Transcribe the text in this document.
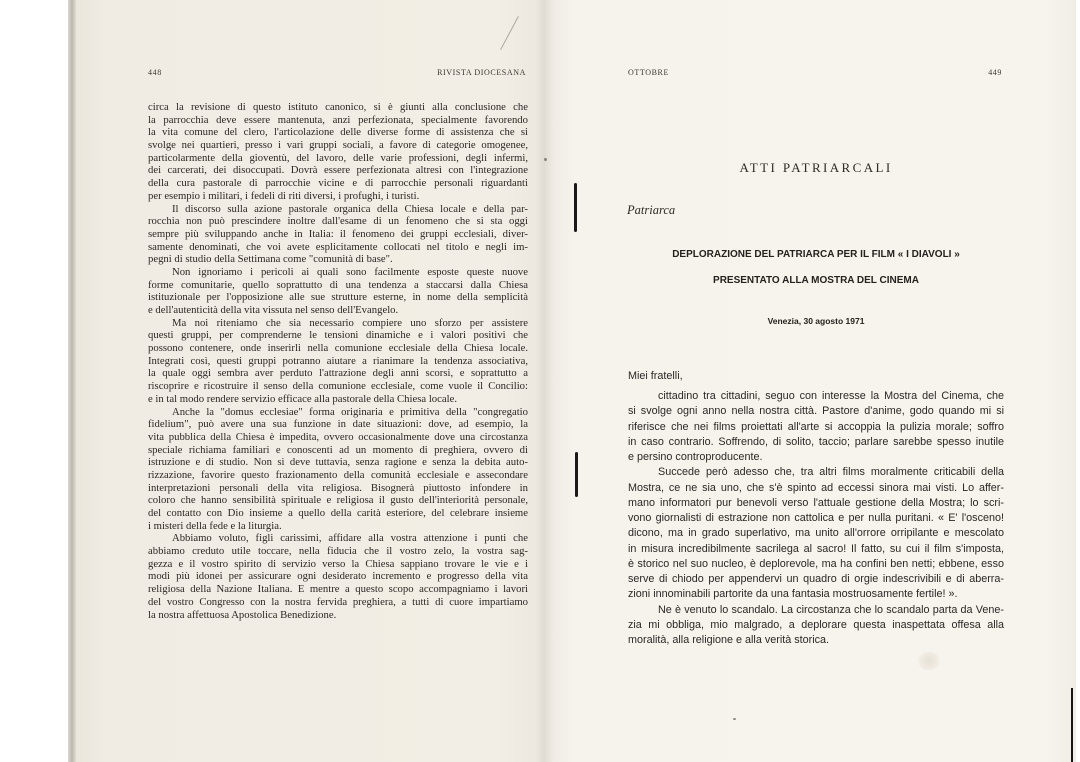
448	RIVISTA DIOCESANA
circa la revisione di questo istituto canonico, si è giunti alla conclusione che
la parrocchia deve essere mantenuta, anzi perfezionata, specialmente favorendo
la vita comune del clero, l'articolazione delle diverse forme di assistenza che si
svolge nei quartieri, presso i vari gruppi sociali, a favore di categorie omogenee,
particolarmente della gioventù, del lavoro, delle varie professioni, degli infermi,
dei carcerati, dei disoccupati. Dovrà essere perfezionata altresì con l'integrazione
della cura pastorale di parrocchie vicine e di parrocchie personali riguardanti
per esempio i militari, i fedeli di riti diversi, i profughi, i turisti.
Il discorso sulla azione pastorale organica della Chiesa locale e della par-
rocchia non può prescindere inoltre dall'esame di un fenomeno che si sta oggi
sempre più sviluppando anche in Italia: il fenomeno dei gruppi ecclesiali, diver-
samente denominati, che voi avete esplicitamente collocati nel titolo e negli im-
pegni di studio della Settimana come "comunità di base".
Non ignoriamo i pericoli ai quali sono facilmente esposte queste nuove
forme comunitarie, quello soprattutto di una tendenza a staccarsi dalla Chiesa
istituzionale per l'opposizione alle sue strutture esterne, in nome della semplicità
e dell'autenticità della vita vissuta nel senso dell'Evangelo.
Ma noi riteniamo che sia necessario compiere uno sforzo per assistere
questi gruppi, per comprenderne le tensioni dinamiche e i valori positivi che
possono contenere, onde inserirli nella comunione ecclesiale della Chiesa locale.
Integrati così, questi gruppi potranno aiutare a rianimare la tendenza associativa,
la quale oggi sembra aver perduto l'attrazione degli anni scorsi, e soprattutto a
riscoprire e ricostruire il senso della comunione ecclesiale, come vuole il Concilio:
e in tal modo rendere servizio efficace alla pastorale della Chiesa locale.
Anche la "domus ecclesiae" forma originaria e primitiva della "congregatio
fidelium", può avere una sua funzione in date situazioni: dove, ad esempio, la
vita pubblica della Chiesa è impedita, ovvero occasionalmente dove una circostanza
speciale richiama familiari e conoscenti ad un momento di preghiera, ovvero di
istruzione e di studio. Non si deve tuttavia, senza ragione e senza la debita auto-
rizzazione, favorire questo frazionamento della comunità ecclesiale e assecondare
interpretazioni personali della vita religiosa. Bisognerà piuttosto infondere in
coloro che hanno sensibilità spirituale e religiosa il gusto dell'interiorità personale,
del contatto con Dio insieme a quello della carità esteriore, del celebrare insieme
i misteri della fede e la liturgia.
Abbiamo voluto, figli carissimi, affidare alla vostra attenzione i punti che
abbiamo creduto utile toccare, nella fiducia che il vostro zelo, la vostra sag-
gezza e il vostro spirito di servizio verso la Chiesa sappiano trovare le vie e i
modi più idonei per assicurare ogni desiderato incremento e progresso della vita
religiosa della Nazione Italiana. E mentre a questo scopo accompagniamo i lavori
del vostro Congresso con la nostra fervida preghiera, a tutti di cuore impartiamo
la nostra affettuosa Apostolica Benedizione.
OTTOBRE	449
ATTI PATRIARCALI
Patriarca
DEPLORAZIONE DEL PATRIARCA PER IL FILM « I DIAVOLI »
PRESENTATO ALLA MOSTRA DEL CINEMA
Venezia, 30 agosto 1971
Miei fratelli,
cittadino tra cittadini, seguo con interesse la Mostra del Cinema, che
si svolge ogni anno nella nostra città. Pastore d'anime, godo quando mi si
riferisce che nei films proiettati all'arte si accoppia la pulizia morale; soffro
in caso contrario. Soffrendo, di solito, taccio; parlare sarebbe spesso inutile
e persino controproducente.
Succede però adesso che, tra altri films moralmente criticabili della
Mostra, ce ne sia uno, che s'è spinto ad eccessi sinora mai visti. Lo affer-
mano informatori pur benevoli verso l'attuale gestione della Mostra; lo scri-
vono giornalisti di estrazione non cattolica e per nulla puritani. « E' l'osceno!
dicono, ma in grado superlativo, ma unito all'orrore orripilante e mescolato
in misura incredibilmente sacrilega al sacro! Il fatto, su cui il film s'imposta,
è storico nel suo nucleo, è deplorevole, ma ha confini ben netti; ebbene, esso
serve di chiodo per appendervi un quadro di orgie indescrivibili e di aberra-
zioni innominabili partorite da una fantasia mostruosamente fertile! ».
Ne è venuto lo scandalo. La circostanza che lo scandalo parta da Vene-
zia mi obbliga, mio malgrado, a deplorare questa inaspettata offesa alla
moralità, alla religione e alla verità storica.
